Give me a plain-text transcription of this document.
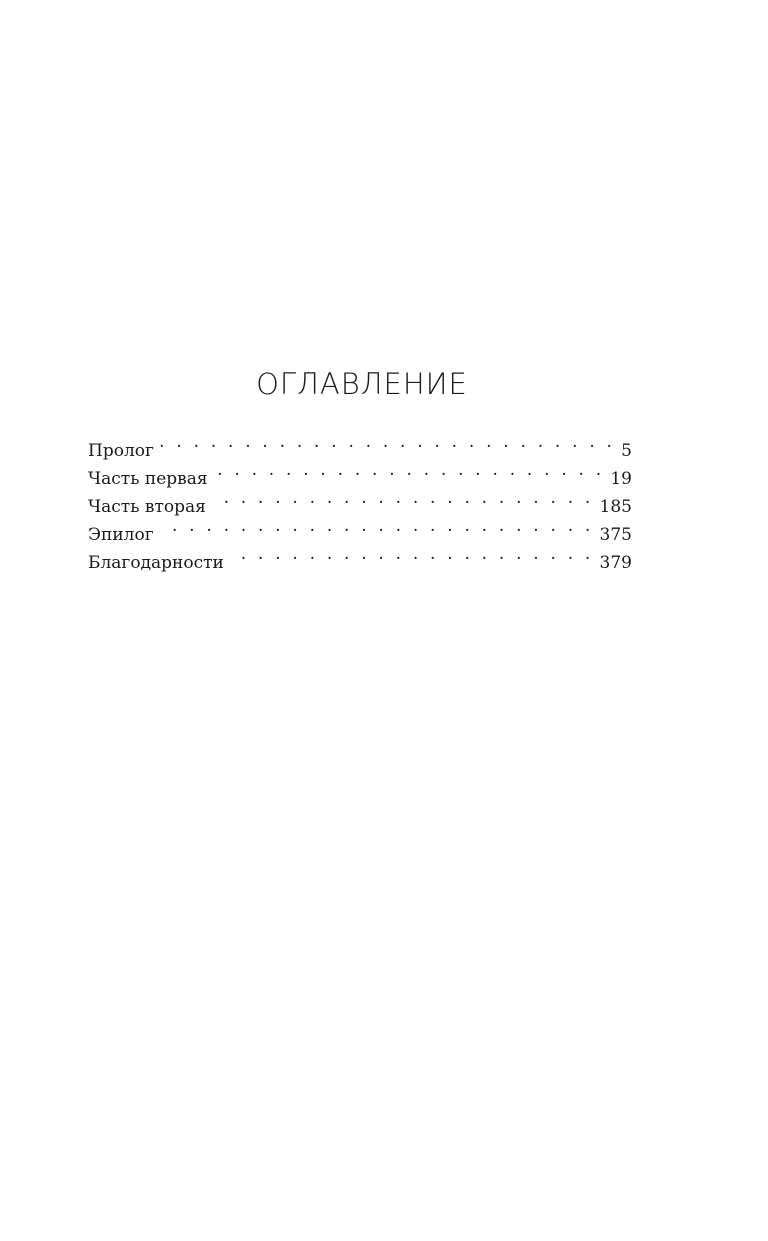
ОГЛАВЛЕНИЕ
Пролог . . .	5
Часть первая . . .	19
Часть вторая . . .	185
Эпилог . . .	375
Благодарности . . .	379
